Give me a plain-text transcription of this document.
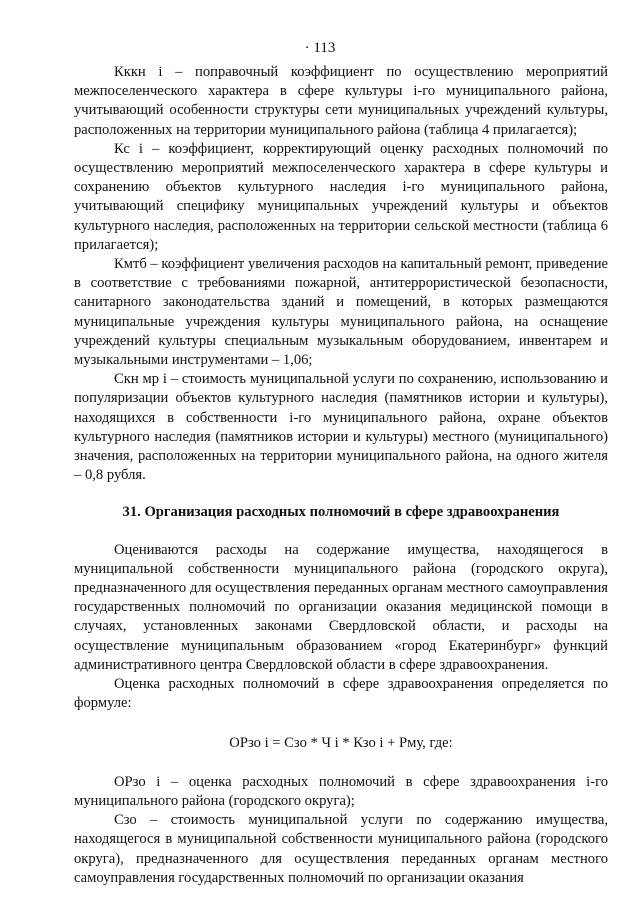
· 113

Кккн i – поправочный коэффициент по осуществлению мероприятий межпоселенческого характера в сфере культуры i-го муниципального района, учитывающий особенности структуры сети муниципальных учреждений культуры, расположенных на территории муниципального района (таблица 4 прилагается);

Кс i – коэффициент, корректирующий оценку расходных полномочий по осуществлению мероприятий межпоселенческого характера в сфере культуры и сохранению объектов культурного наследия i-го муниципального района, учитывающий специфику муниципальных учреждений культуры и объектов культурного наследия, расположенных на территории сельской местности (таблица 6 прилагается);

Кмтб – коэффициент увеличения расходов на капитальный ремонт, приведение в соответствие с требованиями пожарной, антитеррористической безопасности, санитарного законодательства зданий и помещений, в которых размещаются муниципальные учреждения культуры муниципального района, на оснащение учреждений культуры специальным музыкальным оборудованием, инвентарем и музыкальными инструментами – 1,06;

Скн мр i – стоимость муниципальной услуги по сохранению, использованию и популяризации объектов культурного наследия (памятников истории и культуры), находящихся в собственности i-го муниципального района, охране объектов культурного наследия (памятников истории и культуры) местного (муниципального) значения, расположенных на территории муниципального района, на одного жителя – 0,8 рубля.

31. Организация расходных полномочий в сфере здравоохранения

Оцениваются расходы на содержание имущества, находящегося в муниципальной собственности муниципального района (городского округа), предназначенного для осуществления переданных органам местного самоуправления государственных полномочий по организации оказания медицинской помощи в случаях, установленных законами Свердловской области, и расходы на осуществление муниципальным образованием «город Екатеринбург» функций административного центра Свердловской области в сфере здравоохранения.

Оценка расходных полномочий в сфере здравоохранения определяется по формуле:

ОРзо i = Сзо * Ч i * Кзо i + Рму, где:

ОРзо i – оценка расходных полномочий в сфере здравоохранения i-го муниципального района (городского округа);

Сзо – стоимость муниципальной услуги по содержанию имущества, находящегося в муниципальной собственности муниципального района (городского округа), предназначенного для осуществления переданных органам местного самоуправления государственных полномочий по организации оказания
